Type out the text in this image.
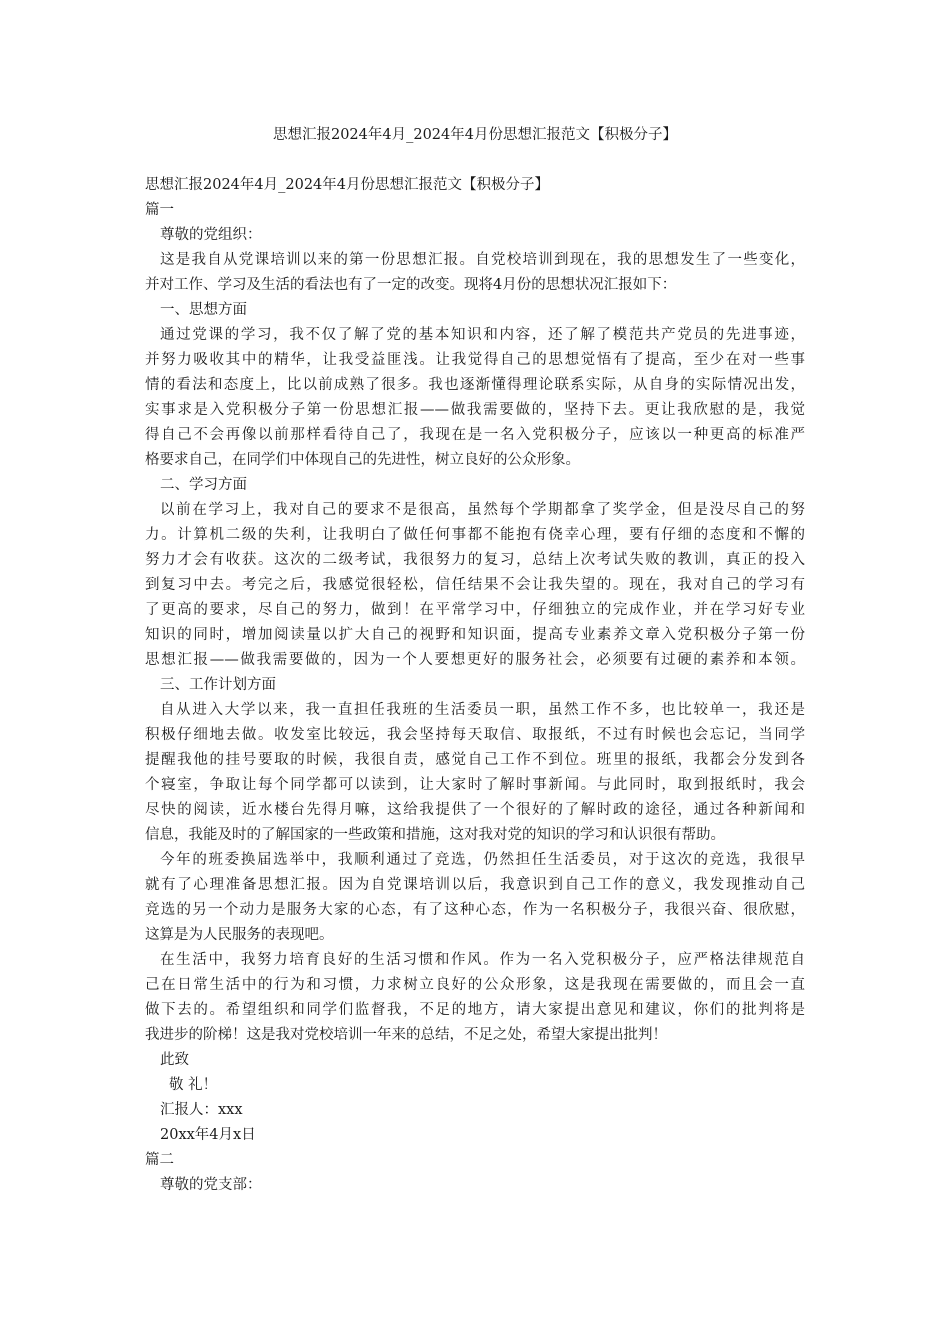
思想汇报2024年4月_2024年4月份思想汇报范文【积极分子】
思想汇报2024年4月_2024年4月份思想汇报范文【积极分子】
篇一
尊敬的党组织：
这是我自从党课培训以来的第一份思想汇报。自党校培训到现在，我的思想发生了一些变化，
并对工作、学习及生活的看法也有了一定的改变。现将4月份的思想状况汇报如下：
一、思想方面
通过党课的学习，我不仅了解了党的基本知识和内容，还了解了模范共产党员的先进事迹，
并努力吸收其中的精华，让我受益匪浅。让我觉得自己的思想觉悟有了提高，至少在对一些事
情的看法和态度上，比以前成熟了很多。我也逐渐懂得理论联系实际，从自身的实际情况出发，
实事求是入党积极分子第一份思想汇报——做我需要做的，坚持下去。更让我欣慰的是，我觉
得自己不会再像以前那样看待自己了，我现在是一名入党积极分子，应该以一种更高的标准严
格要求自己，在同学们中体现自己的先进性，树立良好的公众形象。
二、学习方面
以前在学习上，我对自己的要求不是很高，虽然每个学期都拿了奖学金，但是没尽自己的努
力。计算机二级的失利，让我明白了做任何事都不能抱有侥幸心理，要有仔细的态度和不懈的
努力才会有收获。这次的二级考试，我很努力的复习，总结上次考试失败的教训，真正的投入
到复习中去。考完之后，我感觉很轻松，信任结果不会让我失望的。现在，我对自己的学习有
了更高的要求，尽自己的努力，做到！在平常学习中，仔细独立的完成作业，并在学习好专业
知识的同时，增加阅读量以扩大自己的视野和知识面，提高专业素养文章入党积极分子第一份
思想汇报——做我需要做的，因为一个人要想更好的服务社会，必须要有过硬的素养和本领。
三、工作计划方面
自从进入大学以来，我一直担任我班的生活委员一职，虽然工作不多，也比较单一，我还是
积极仔细地去做。收发室比较远，我会坚持每天取信、取报纸，不过有时候也会忘记，当同学
提醒我他的挂号要取的时候，我很自责，感觉自己工作不到位。班里的报纸，我都会分发到各
个寝室，争取让每个同学都可以读到，让大家时了解时事新闻。与此同时，取到报纸时，我会
尽快的阅读，近水楼台先得月嘛，这给我提供了一个很好的了解时政的途径，通过各种新闻和
信息，我能及时的了解国家的一些政策和措施，这对我对党的知识的学习和认识很有帮助。
今年的班委换届选举中，我顺利通过了竞选，仍然担任生活委员，对于这次的竞选，我很早
就有了心理准备思想汇报。因为自党课培训以后，我意识到自己工作的意义，我发现推动自己
竞选的另一个动力是服务大家的心态，有了这种心态，作为一名积极分子，我很兴奋、很欣慰，
这算是为人民服务的表现吧。
在生活中，我努力培育良好的生活习惯和作风。作为一名入党积极分子，应严格法律规范自
己在日常生活中的行为和习惯，力求树立良好的公众形象，这是我现在需要做的，而且会一直
做下去的。希望组织和同学们监督我，不足的地方，请大家提出意见和建议，你们的批判将是
我进步的阶梯！这是我对党校培训一年来的总结，不足之处，希望大家提出批判！
此致
敬 礼！
汇报人：xxx
20xx年4月x日
篇二
尊敬的党支部：
